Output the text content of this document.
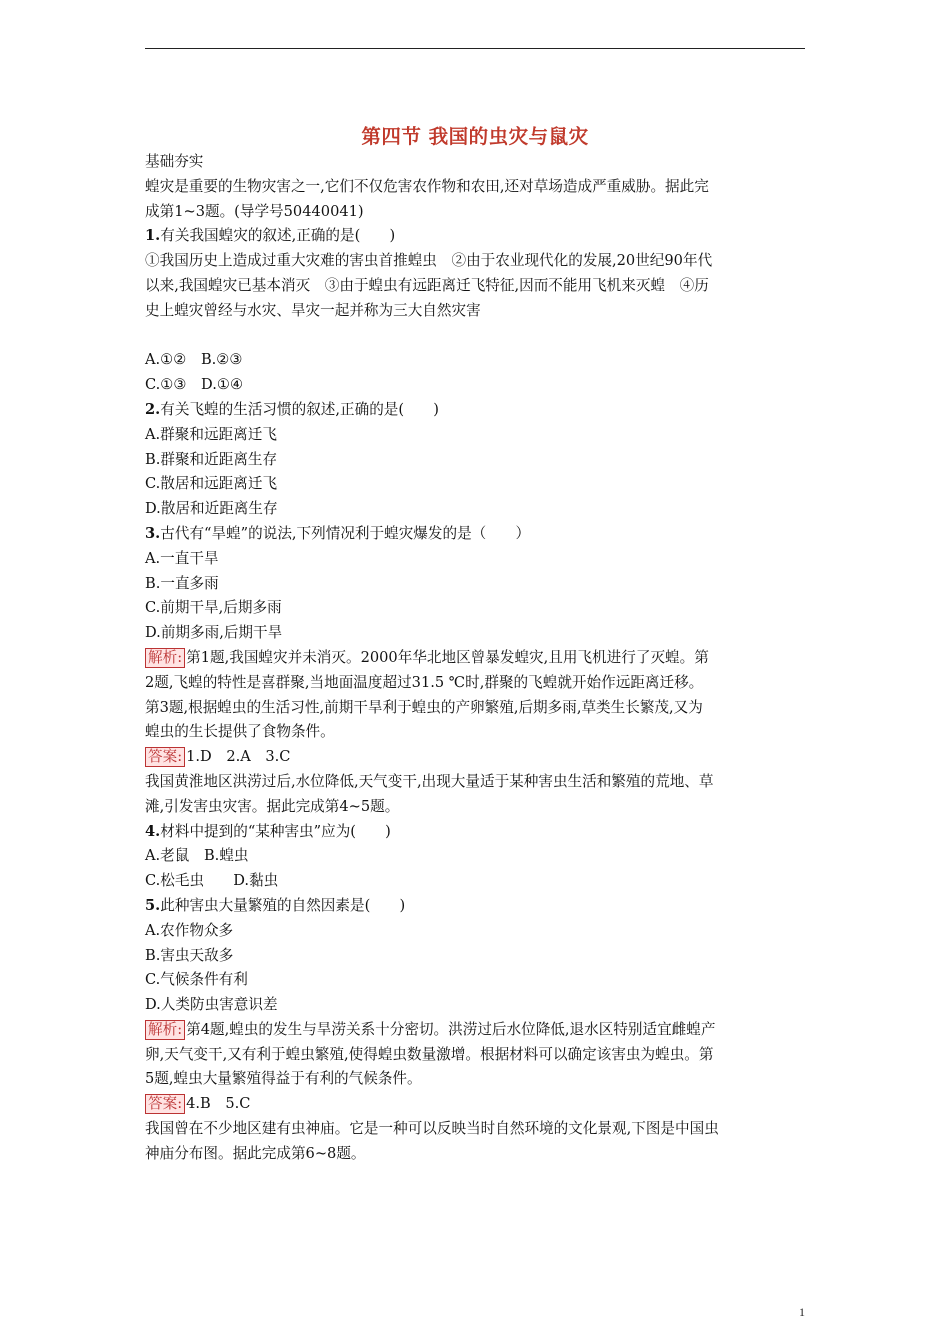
第四节 我国的虫灾与鼠灾

基础夯实

蝗灾是重要的生物灾害之一,它们不仅危害农作物和农田,还对草场造成严重威胁。据此完

成第1~3题。(导学号50440041)

1.有关我国蝗灾的叙述,正确的是(　　)

①我国历史上造成过重大灾难的害虫首推蝗虫　②由于农业现代化的发展,20世纪90年代

以来,我国蝗灾已基本消灭　③由于蝗虫有远距离迁飞特征,因而不能用飞机来灭蝗　④历

史上蝗灾曾经与水灾、旱灾一起并称为三大自然灾害

A.①②　B.②③

C.①③　D.①④

2.有关飞蝗的生活习惯的叙述,正确的是(　　)

A.群聚和远距离迁飞

B.群聚和近距离生存

C.散居和远距离迁飞

D.散居和近距离生存

3.古代有“旱蝗”的说法,下列情况利于蝗灾爆发的是（　　）

A.一直干旱

B.一直多雨

C.前期干旱,后期多雨

D.前期多雨,后期干旱

解析: 第1题,我国蝗灾并未消灭。2000年华北地区曾暴发蝗灾,且用飞机进行了灭蝗。第

2题,飞蝗的特性是喜群聚,当地面温度超过31.5 ℃时,群聚的飞蝗就开始作远距离迁移。

第3题,根据蝗虫的生活习性,前期干旱利于蝗虫的产卵繁殖,后期多雨,草类生长繁茂,又为

蝗虫的生长提供了食物条件。

答案: 1.D　2.A　3.C

我国黄淮地区洪涝过后,水位降低,天气变干,出现大量适于某种害虫生活和繁殖的荒地、草

滩,引发害虫灾害。据此完成第4~5题。

4.材料中提到的“某种害虫”应为(　　)

A.老鼠　B.蝗虫

C.松毛虫　　D.黏虫

5.此种害虫大量繁殖的自然因素是(　　)

A.农作物众多

B.害虫天敌多

C.气候条件有利

D.人类防虫害意识差

解析: 第4题,蝗虫的发生与旱涝关系十分密切。洪涝过后水位降低,退水区特别适宜雌蝗产

卵,天气变干,又有利于蝗虫繁殖,使得蝗虫数量激增。根据材料可以确定该害虫为蝗虫。第

5题,蝗虫大量繁殖得益于有利的气候条件。

答案: 4.B　5.C

我国曾在不少地区建有虫神庙。它是一种可以反映当时自然环境的文化景观,下图是中国虫

神庙分布图。据此完成第6~8题。

1
